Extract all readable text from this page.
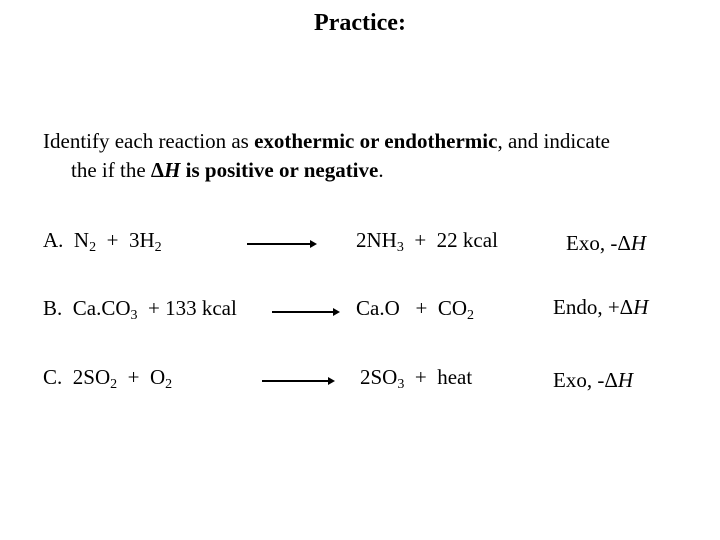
Practice:
Identify each reaction as exothermic or endothermic, and indicate
the if the ΔH is positive or negative.
A. $N_2 + 3H_2$	$2NH_3 + 22$ kcal	Exo, -ΔH
B. $Ca.CO_3 + 133$ kcal	$Ca.O + CO_2$	Endo, +ΔH
C. $2SO_2 + O_2$	$2SO_3$  +  heat	Exo, -ΔH
